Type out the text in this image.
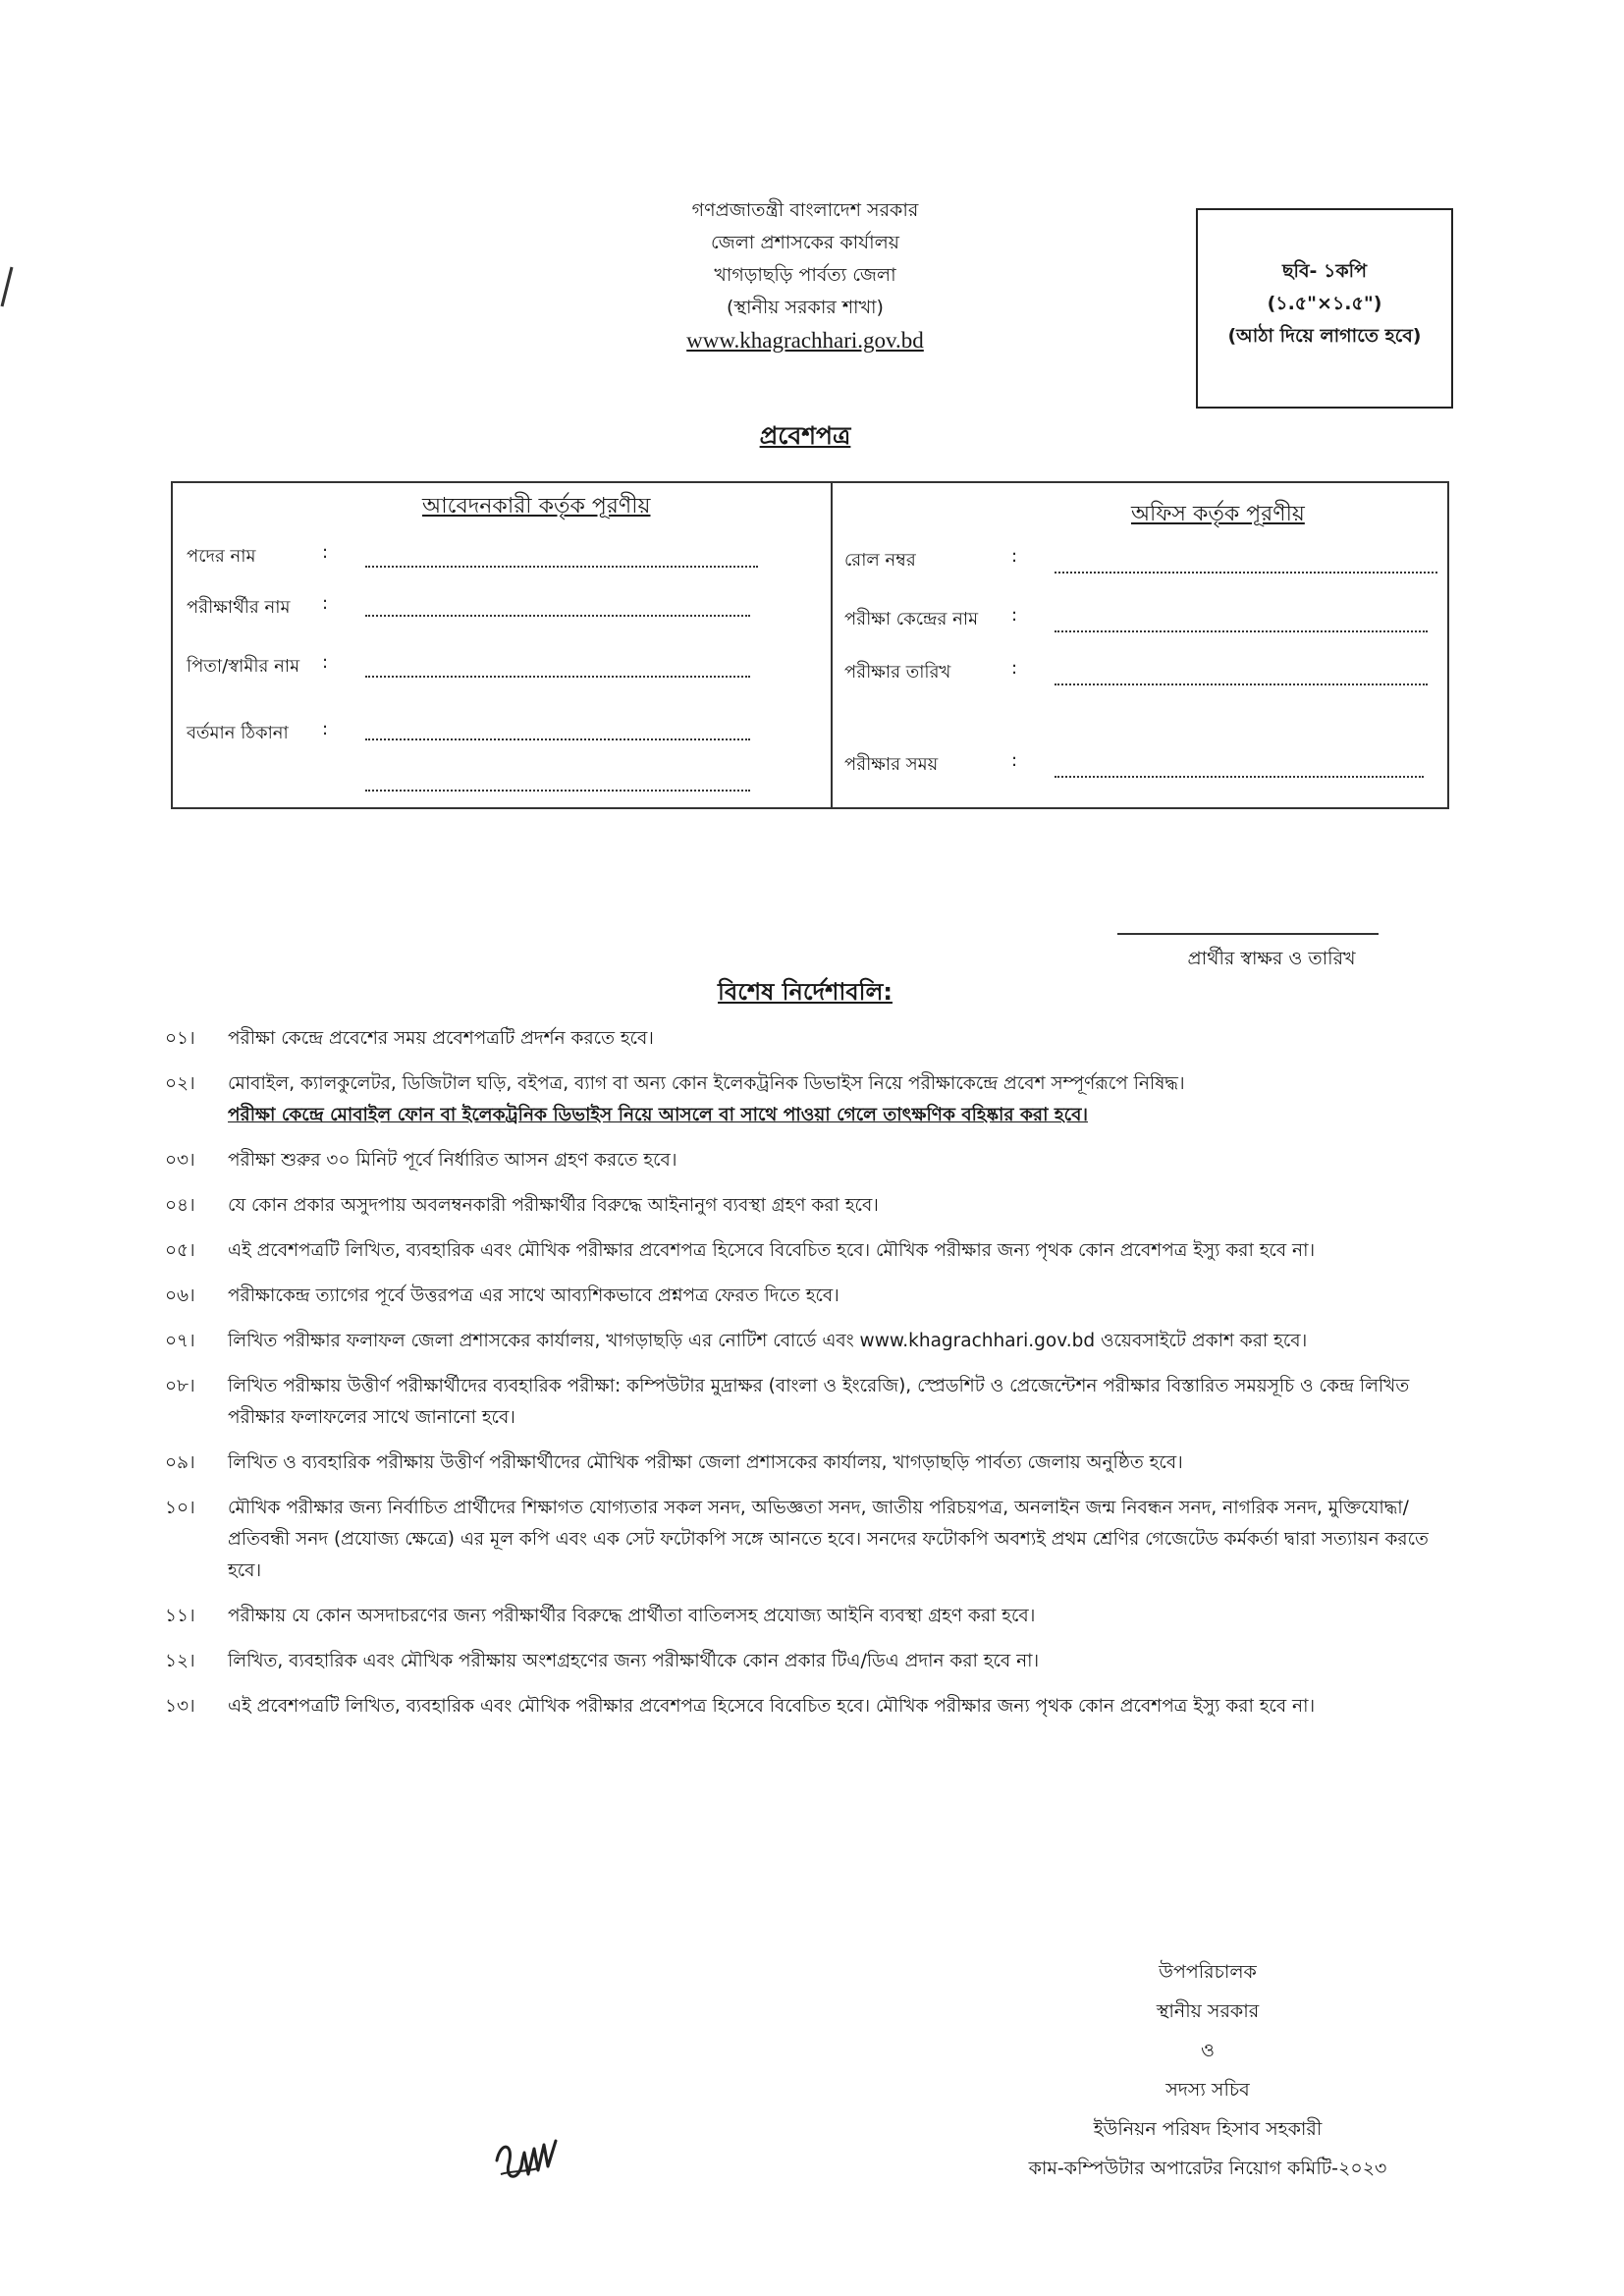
গণপ্রজাতন্ত্রী বাংলাদেশ সরকার
জেলা প্রশাসকের কার্যালয়
খাগড়াছড়ি পার্বত্য জেলা
(স্থানীয় সরকার শাখা)
www.khagrachhari.gov.bd
ছবি- ১কপি
(১.৫"×১.৫")
(আঠা দিয়ে লাগাতে হবে)
প্রবেশপত্র
আবেদনকারী কর্তৃক পূরণীয়	অফিস কর্তৃক পূরণীয়
পদের নাম	:
পরীক্ষার্থীর নাম :
পিতা/স্বামীর নাম :
বর্তমান ঠিকানা :
রোল নম্বর	:
পরীক্ষা কেন্দ্রের নাম :
পরীক্ষার তারিখ	:
পরীক্ষার সময়	:
প্রার্থীর স্বাক্ষর ও তারিখ
বিশেষ নির্দেশাবলি:
০১।	পরীক্ষা কেন্দ্রে প্রবেশের সময় প্রবেশপত্রটি প্রদর্শন করতে হবে।
০২।	মোবাইল, ক্যালকুলেটর, ডিজিটাল ঘড়ি, বইপত্র, ব্যাগ বা অন্য কোন ইলেকট্রনিক ডিভাইস নিয়ে পরীক্ষাকেন্দ্রে প্রবেশ সম্পূর্ণরূপে নিষিদ্ধ।
পরীক্ষা কেন্দ্রে মোবাইল ফোন বা ইলেকট্রনিক ডিভাইস নিয়ে আসলে বা সাথে পাওয়া গেলে তাৎক্ষণিক বহিষ্কার করা হবে।
০৩।	পরীক্ষা শুরুর ৩০ মিনিট পূর্বে নির্ধারিত আসন গ্রহণ করতে হবে।
০৪।	যে কোন প্রকার অসুদপায় অবলম্বনকারী পরীক্ষার্থীর বিরুদ্ধে আইনানুগ ব্যবস্থা গ্রহণ করা হবে।
০৫।	এই প্রবেশপত্রটি লিখিত, ব্যবহারিক এবং মৌখিক পরীক্ষার প্রবেশপত্র হিসেবে বিবেচিত হবে। মৌখিক পরীক্ষার জন্য পৃথক কোন প্রবেশপত্র ইস্যু করা হবে না।
০৬।	পরীক্ষাকেন্দ্র ত্যাগের পূর্বে উত্তরপত্র এর সাথে আব্যশিকভাবে প্রশ্নপত্র ফেরত দিতে হবে।
০৭।	লিখিত পরীক্ষার ফলাফল জেলা প্রশাসকের কার্যালয়, খাগড়াছড়ি এর নোটিশ বোর্ডে এবং www.khagrachhari.gov.bd ওয়েবসাইটে প্রকাশ করা হবে।
০৮।	লিখিত পরীক্ষায় উত্তীর্ণ পরীক্ষার্থীদের ব্যবহারিক পরীক্ষা: কম্পিউটার মুদ্রাক্ষর (বাংলা ও ইংরেজি), স্প্রেডশিট ও প্রেজেন্টেশন পরীক্ষার বিস্তারিত সময়সূচি ও কেন্দ্র লিখিত পরীক্ষার ফলাফলের সাথে জানানো হবে।
০৯।	লিখিত ও ব্যবহারিক পরীক্ষায় উত্তীর্ণ পরীক্ষার্থীদের মৌখিক পরীক্ষা জেলা প্রশাসকের কার্যালয়, খাগড়াছড়ি পার্বত্য জেলায় অনুষ্ঠিত হবে।
১০।	মৌখিক পরীক্ষার জন্য নির্বাচিত প্রার্থীদের শিক্ষাগত যোগ্যতার সকল সনদ, অভিজ্ঞতা সনদ, জাতীয় পরিচয়পত্র, অনলাইন জন্ম নিবন্ধন সনদ, নাগরিক সনদ, মুক্তিযোদ্ধা/প্রতিবন্ধী সনদ (প্রযোজ্য ক্ষেত্রে) এর মূল কপি এবং এক সেট ফটোকপি সঙ্গে আনতে হবে। সনদের ফটোকপি অবশ্যই প্রথম শ্রেণির গেজেটেড কর্মকর্তা দ্বারা সত্যায়ন করতে হবে।
১১।	পরীক্ষায় যে কোন অসদাচরণের জন্য পরীক্ষার্থীর বিরুদ্ধে প্রার্থীতা বাতিলসহ প্রযোজ্য আইনি ব্যবস্থা গ্রহণ করা হবে।
১২।	লিখিত, ব্যবহারিক এবং মৌখিক পরীক্ষায় অংশগ্রহণের জন্য পরীক্ষার্থীকে কোন প্রকার টিএ/ডিএ প্রদান করা হবে না।
১৩।	এই প্রবেশপত্রটি লিখিত, ব্যবহারিক এবং মৌখিক পরীক্ষার প্রবেশপত্র হিসেবে বিবেচিত হবে। মৌখিক পরীক্ষার জন্য পৃথক কোন প্রবেশপত্র ইস্যু করা হবে না।
উপপরিচালক
স্থানীয় সরকার
ও
সদস্য সচিব
ইউনিয়ন পরিষদ হিসাব সহকারী
কাম-কম্পিউটার অপারেটর নিয়োগ কমিটি-২০২৩
